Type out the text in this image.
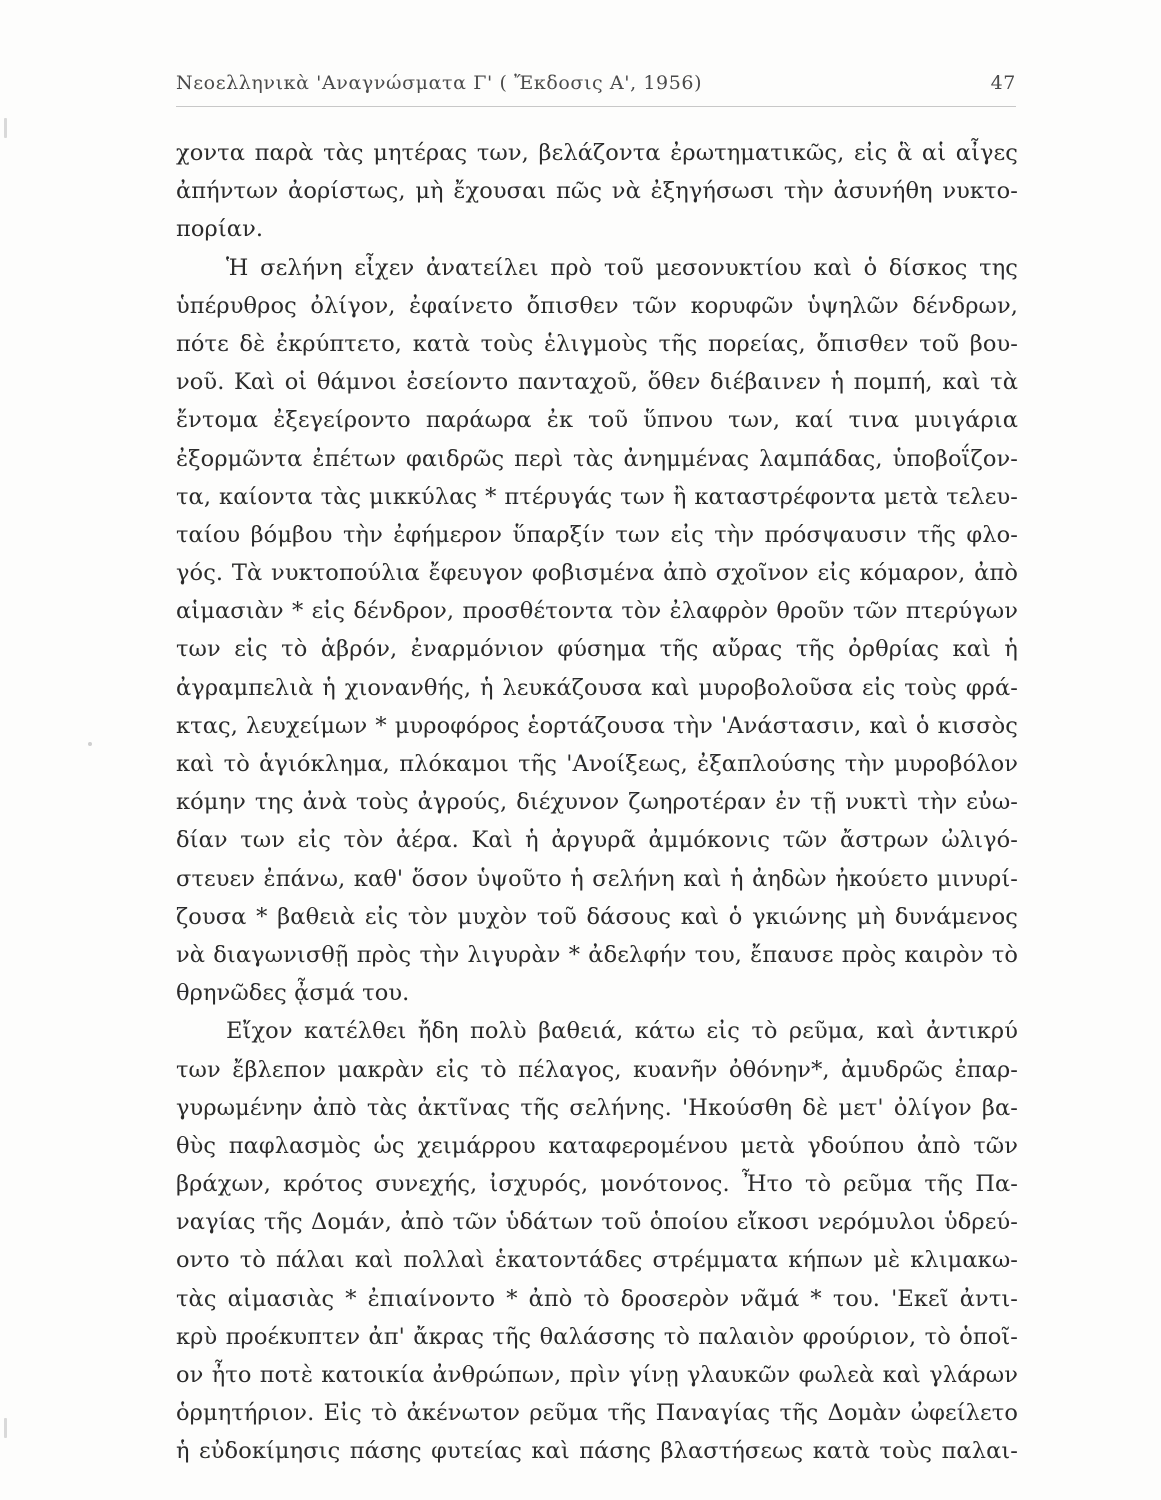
Νεοελληνικὰ 'Αναγνώσματα Γ' ( Ἔκδοσις Α', 1956)	47
χοντα παρὰ τὰς μητέρας των, βελάζοντα ἐρωτηματικῶς, εἰς ἃ αἱ αἶγες
ἀπήντων ἀορίστως, μὴ ἔχουσαι πῶς νὰ ἐξηγήσωσι τὴν ἀσυνήθη νυκτο-
πορίαν.
Ἡ σελήνη εἶχεν ἀνατείλει πρὸ τοῦ μεσονυκτίου καὶ ὁ δίσκος της
ὑπέρυθρος ὀλίγον, ἐφαίνετο ὄπισθεν τῶν κορυφῶν ὑψηλῶν δένδρων,
πότε δὲ ἐκρύπτετο, κατὰ τοὺς ἑλιγμοὺς τῆς πορείας, ὄπισθεν τοῦ βου-
νοῦ. Καὶ οἱ θάμνοι ἐσείοντο πανταχοῦ, ὅθεν διέβαινεν ἡ πομπή, καὶ τὰ
ἔντομα ἐξεγείροντο παράωρα ἐκ τοῦ ὕπνου των, καί τινα μυιγάρια
ἐξορμῶντα ἐπέτων φαιδρῶς περὶ τὰς ἀνημμένας λαμπάδας, ὑποβοΐζον-
τα, καίοντα τὰς μικκύλας * πτέρυγάς των ἢ καταστρέφοντα μετὰ τελευ-
ταίου βόμβου τὴν ἐφήμερον ὕπαρξίν των εἰς τὴν πρόσψαυσιν τῆς φλο-
γός. Τὰ νυκτοπούλια ἔφευγον φοβισμένα ἀπὸ σχοῖνον εἰς κόμαρον, ἀπὸ
αἱμασιὰν * εἰς δένδρον, προσθέτοντα τὸν ἐλαφρὸν θροῦν τῶν πτερύγων
των εἰς τὸ ἁβρόν, ἐναρμόνιον φύσημα τῆς αὔρας τῆς ὀρθρίας καὶ ἡ
ἀγραμπελιὰ ἡ χιονανθής, ἡ λευκάζουσα καὶ μυροβολοῦσα εἰς τοὺς φρά-
κτας, λευχείμων * μυροφόρος ἑορτάζουσα τὴν 'Ανάστασιν, καὶ ὁ κισσὸς
καὶ τὸ ἁγιόκλημα, πλόκαμοι τῆς 'Ανοίξεως, ἐξαπλούσης τὴν μυροβόλον
κόμην της ἀνὰ τοὺς ἀγρούς, διέχυνον ζωηροτέραν ἐν τῇ νυκτὶ τὴν εὐω-
δίαν των εἰς τὸν ἀέρα. Καὶ ἡ ἀργυρᾶ ἀμμόκονις τῶν ἄστρων ὠλιγό-
στευεν ἐπάνω, καθ' ὅσον ὑψοῦτο ἡ σελήνη καὶ ἡ ἀηδὼν ἠκούετο μινυρί-
ζουσα * βαθειὰ εἰς τὸν μυχὸν τοῦ δάσους καὶ ὁ γκιώνης μὴ δυνάμενος
νὰ διαγωνισθῇ πρὸς τὴν λιγυρὰν * ἀδελφήν του, ἔπαυσε πρὸς καιρὸν τὸ
θρηνῶδες ᾆσμά του.
Εἴχον κατέλθει ἤδη πολὺ βαθειά, κάτω εἰς τὸ ρεῦμα, καὶ ἀντικρύ
των ἔβλεπον μακρὰν εἰς τὸ πέλαγος, κυανῆν ὀθόνην*, ἀμυδρῶς ἐπαρ-
γυρωμένην ἀπὸ τὰς ἀκτῖνας τῆς σελήνης. 'Ηκούσθη δὲ μετ' ὀλίγον βα-
θὺς παφλασμὸς ὡς χειμάρρου καταφερομένου μετὰ γδούπου ἀπὸ τῶν
βράχων, κρότος συνεχής, ἰσχυρός, μονότονος. Ἦτο τὸ ρεῦμα τῆς Πα-
ναγίας τῆς Δομάν, ἀπὸ τῶν ὑδάτων τοῦ ὁποίου εἴκοσι νερόμυλοι ὑδρεύ-
οντο τὸ πάλαι καὶ πολλαὶ ἑκατοντάδες στρέμματα κήπων μὲ κλιμακω-
τὰς αἱμασιὰς * ἐπιαίνοντο * ἀπὸ τὸ δροσερὸν νᾶμά * του. 'Εκεῖ ἀντι-
κρὺ προέκυπτεν ἀπ' ἄκρας τῆς θαλάσσης τὸ παλαιὸν φρούριον, τὸ ὁποῖ-
ον ἦτο ποτὲ κατοικία ἀνθρώπων, πρὶν γίνῃ γλαυκῶν φωλεὰ καὶ γλάρων
ὁρμητήριον. Εἰς τὸ ἀκένωτον ρεῦμα τῆς Παναγίας τῆς Δομὰν ὠφείλετο
ἡ εὐδοκίμησις πάσης φυτείας καὶ πάσης βλαστήσεως κατὰ τοὺς παλαι-
